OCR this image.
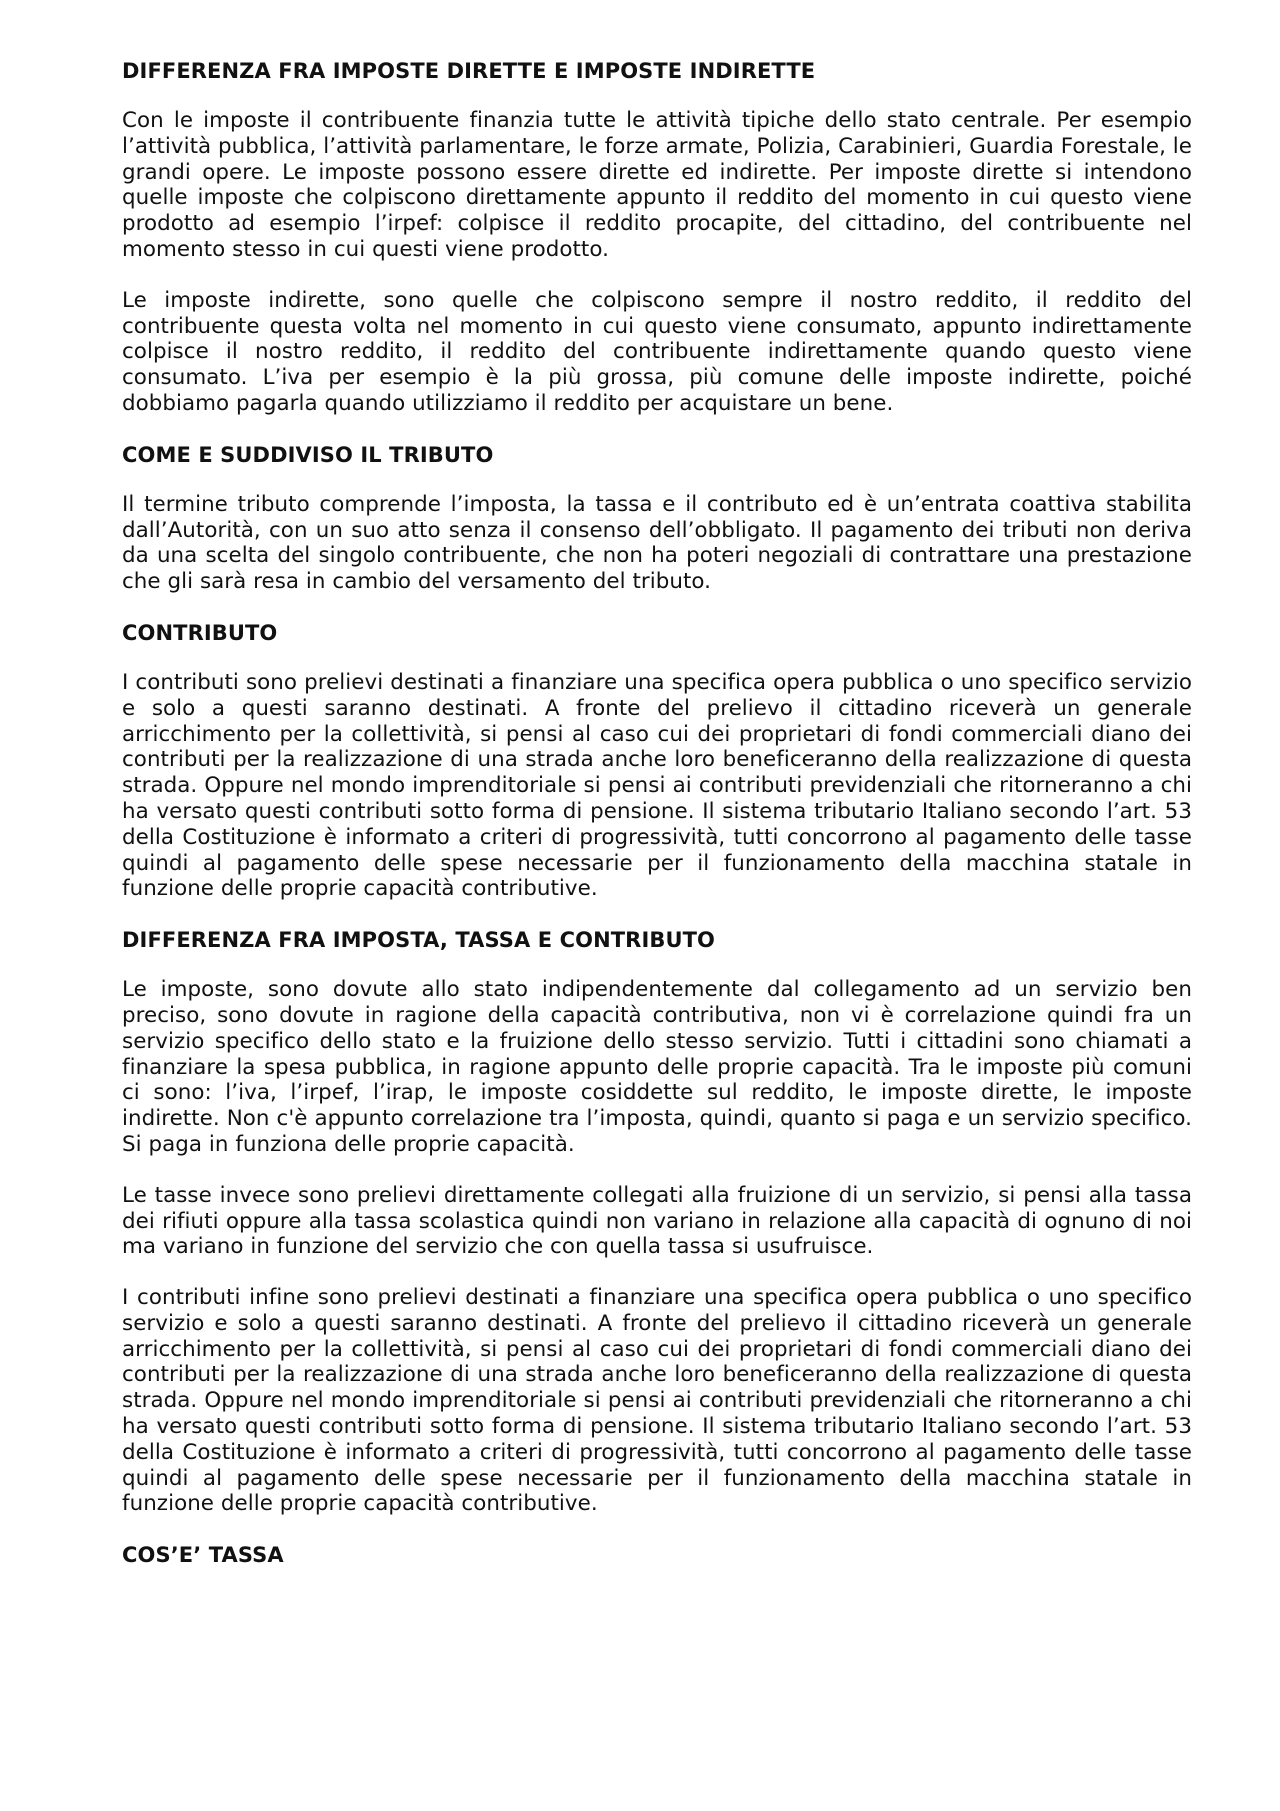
DIFFERENZA FRA IMPOSTE DIRETTE E IMPOSTE INDIRETTE

Con le imposte il contribuente finanzia tutte le attività tipiche dello stato centrale. Per esempio l’attività pubblica, l’attività parlamentare, le forze armate, Polizia, Carabinieri, Guardia Forestale, le grandi opere. Le imposte possono essere dirette ed indirette. Per imposte dirette si intendono quelle imposte che colpiscono direttamente appunto il reddito del momento in cui questo viene prodotto ad esempio l’irpef: colpisce il reddito procapite, del cittadino, del contribuente nel momento stesso in cui questi viene prodotto.

Le imposte indirette, sono quelle che colpiscono sempre il nostro reddito, il reddito del contribuente questa volta nel momento in cui questo viene consumato, appunto indirettamente colpisce il nostro reddito, il reddito del contribuente indirettamente quando questo viene consumato. L’iva per esempio è la più grossa, più comune delle imposte indirette, poiché dobbiamo pagarla quando utilizziamo il reddito per acquistare un bene.

COME E SUDDIVISO IL TRIBUTO

Il termine tributo comprende l’imposta, la tassa e il contributo ed è un’entrata coattiva stabilita dall’Autorità, con un suo atto senza il consenso dell’obbligato. Il pagamento dei tributi non deriva da una scelta del singolo contribuente, che non ha poteri negoziali di contrattare una prestazione che gli sarà resa in cambio del versamento del tributo.

CONTRIBUTO

I contributi sono prelievi destinati a finanziare una specifica opera pubblica o uno specifico servizio e solo a questi saranno destinati. A fronte del prelievo il cittadino riceverà un generale arricchimento per la collettività, si pensi al caso cui dei proprietari di fondi commerciali diano dei contributi per la realizzazione di una strada anche loro beneficeranno della realizzazione di questa strada. Oppure nel mondo imprenditoriale si pensi ai contributi previdenziali che ritorneranno a chi ha versato questi contributi sotto forma di pensione. Il sistema tributario Italiano secondo l’art. 53 della Costituzione è informato a criteri di progressività, tutti concorrono al pagamento delle tasse quindi al pagamento delle spese necessarie per il funzionamento della macchina statale in funzione delle proprie capacità contributive.

DIFFERENZA FRA IMPOSTA, TASSA E CONTRIBUTO

Le imposte, sono dovute allo stato indipendentemente dal collegamento ad un servizio ben preciso, sono dovute in ragione della capacità contributiva, non vi è correlazione quindi fra un servizio specifico dello stato e la fruizione dello stesso servizio. Tutti i cittadini sono chiamati a finanziare la spesa pubblica, in ragione appunto delle proprie capacità. Tra le imposte più comuni ci sono: l’iva, l’irpef, l’irap, le imposte cosiddette sul reddito, le imposte dirette, le imposte indirette. Non c'è appunto correlazione tra l’imposta, quindi, quanto si paga e un servizio specifico. Si paga in funziona delle proprie capacità.

Le tasse invece sono prelievi direttamente collegati alla fruizione di un servizio, si pensi alla tassa dei rifiuti oppure alla tassa scolastica quindi non variano in relazione alla capacità di ognuno di noi ma variano in funzione del servizio che con quella tassa si usufruisce.

I contributi infine sono prelievi destinati a finanziare una specifica opera pubblica o uno specifico servizio e solo a questi saranno destinati. A fronte del prelievo il cittadino riceverà un generale arricchimento per la collettività, si pensi al caso cui dei proprietari di fondi commerciali diano dei contributi per la realizzazione di una strada anche loro beneficeranno della realizzazione di questa strada. Oppure nel mondo imprenditoriale si pensi ai contributi previdenziali che ritorneranno a chi ha versato questi contributi sotto forma di pensione. Il sistema tributario Italiano secondo l’art. 53 della Costituzione è informato a criteri di progressività, tutti concorrono al pagamento delle tasse quindi al pagamento delle spese necessarie per il funzionamento della macchina statale in funzione delle proprie capacità contributive.

COS’E’ TASSA
